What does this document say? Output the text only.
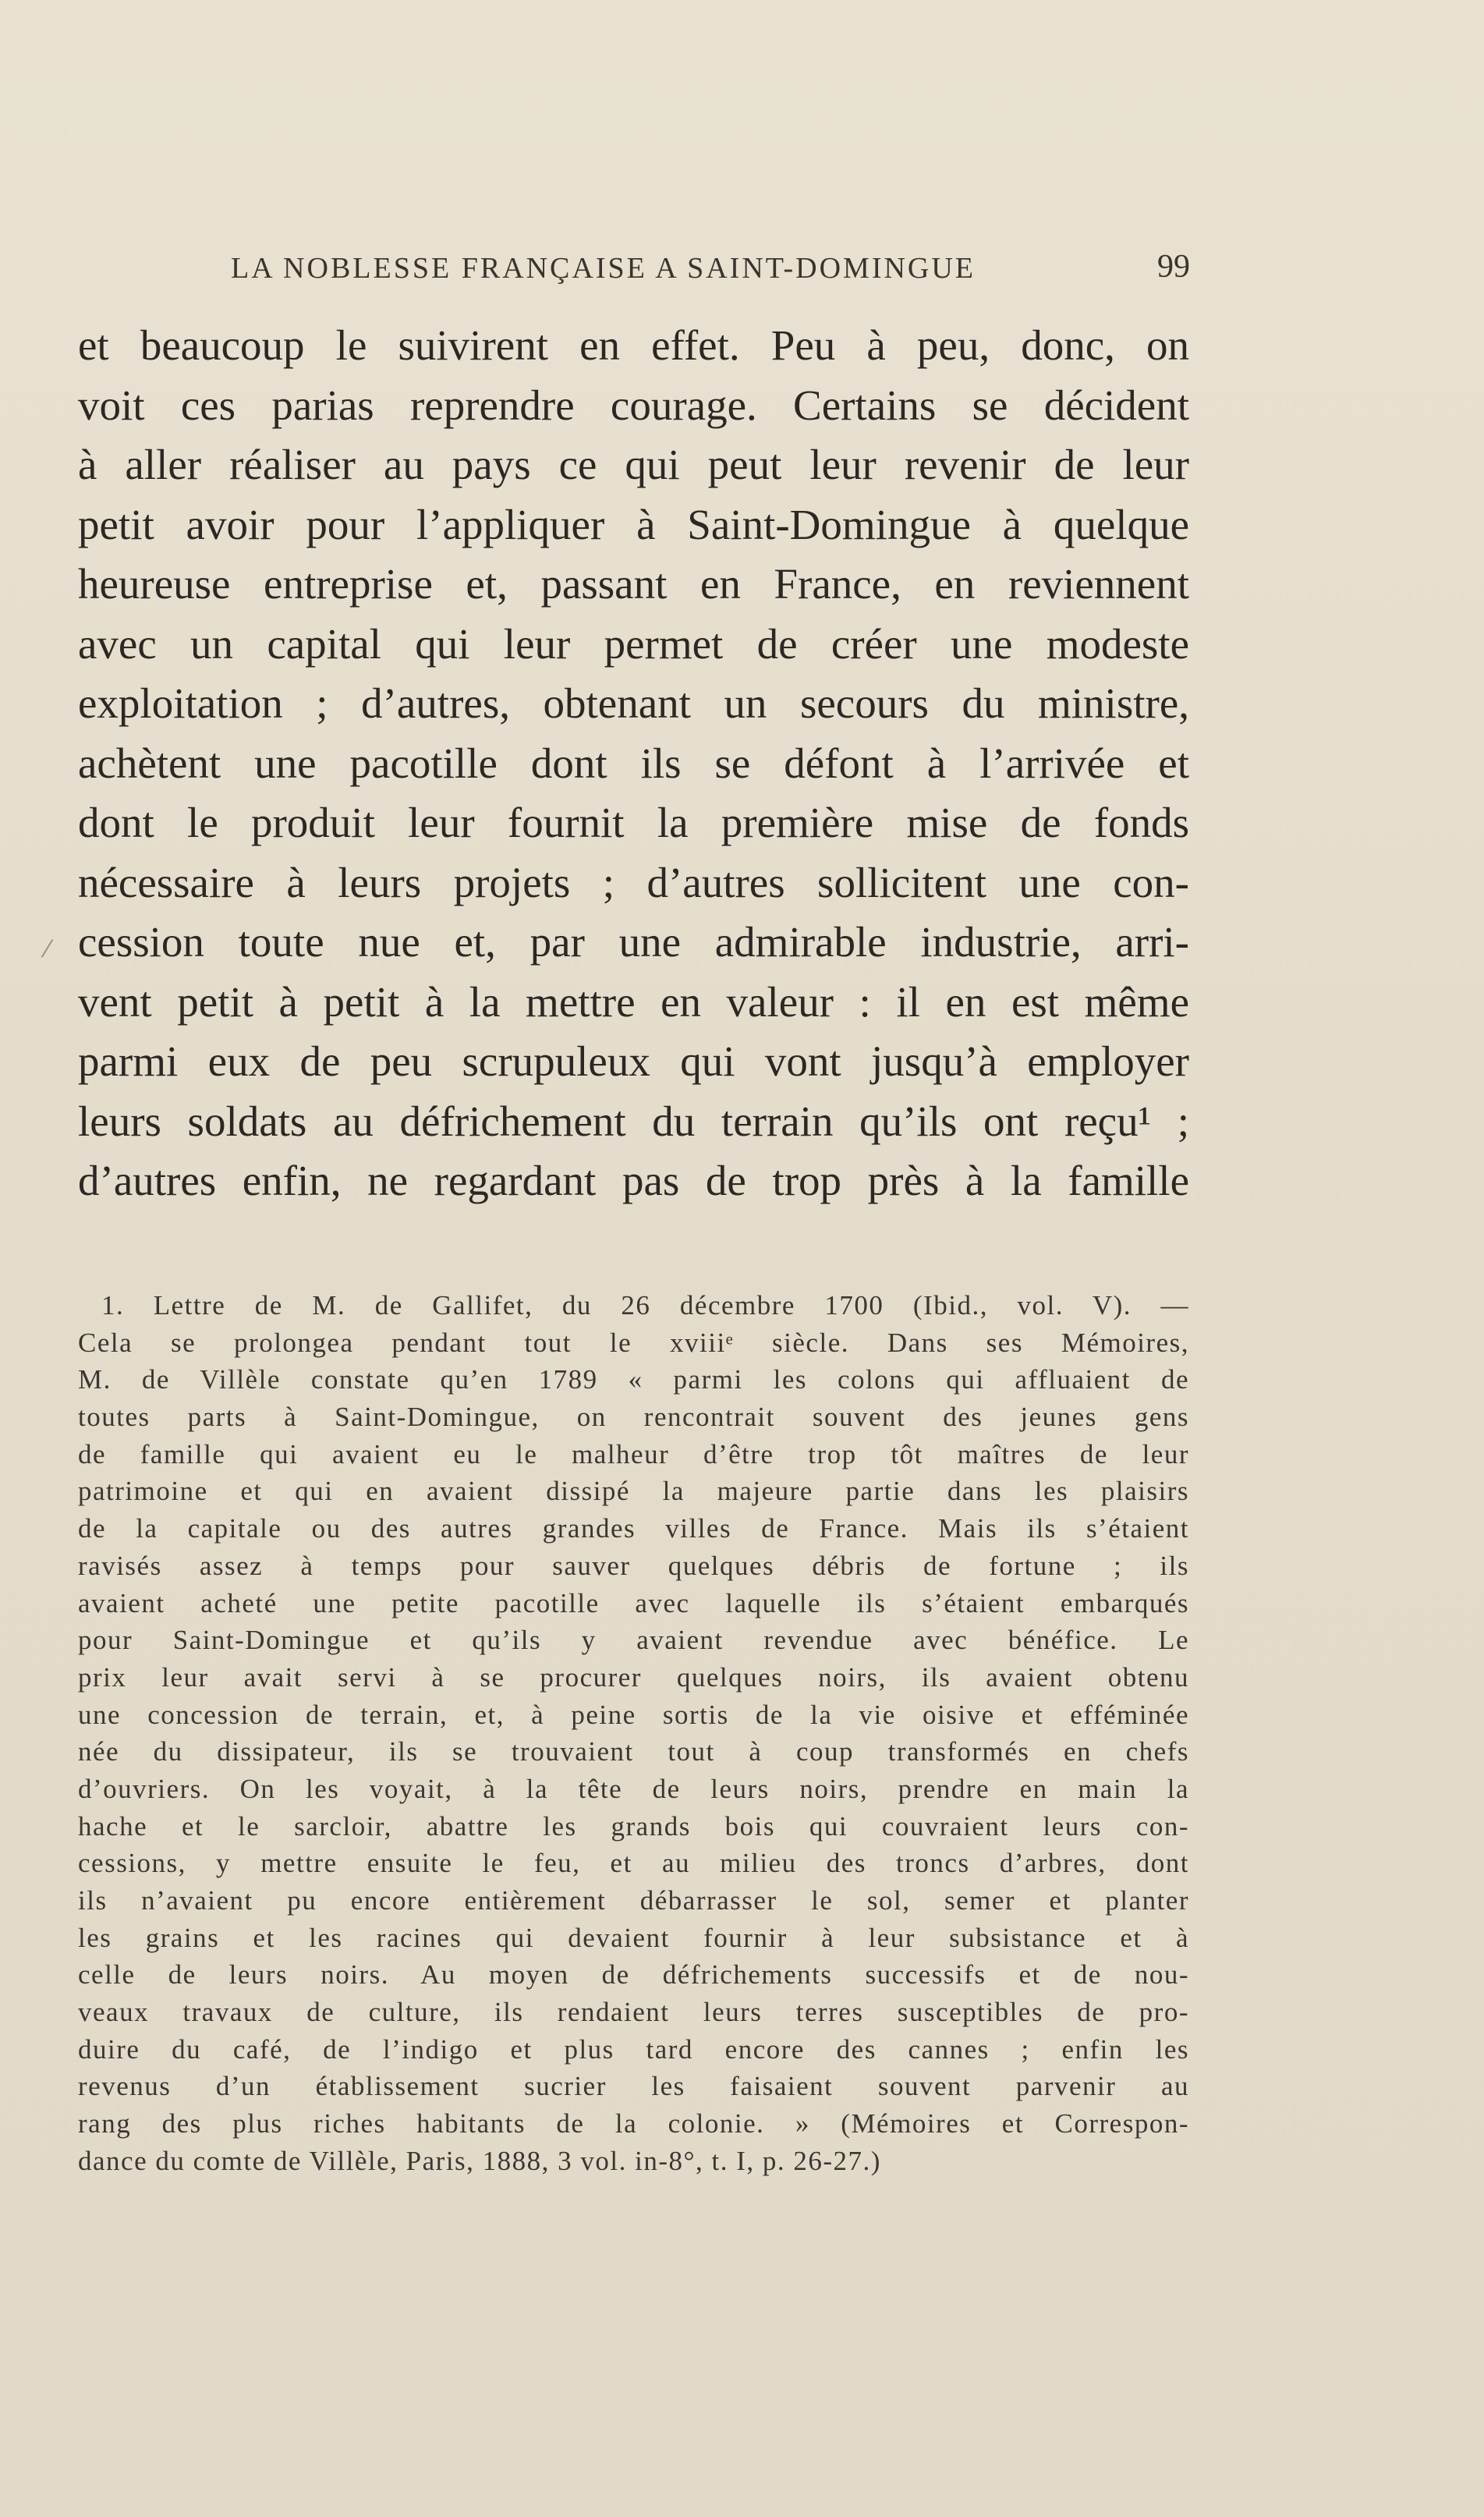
LA NOBLESSE FRANÇAISE A SAINT-DOMINGUE	99
⁄
et beaucoup le suivirent en effet. Peu à peu, donc, on
voit ces parias reprendre courage. Certains se décident
à aller réaliser au pays ce qui peut leur revenir de leur
petit avoir pour l’appliquer à Saint-Domingue à quelque
heureuse entreprise et, passant en France, en reviennent
avec un capital qui leur permet de créer une modeste
exploitation ; d’autres, obtenant un secours du ministre,
achètent une pacotille dont ils se défont à l’arrivée et
dont le produit leur fournit la première mise de fonds
nécessaire à leurs projets ; d’autres sollicitent une con-
cession toute nue et, par une admirable industrie, arri-
vent petit à petit à la mettre en valeur : il en est même
parmi eux de peu scrupuleux qui vont jusqu’à employer
leurs soldats au défrichement du terrain qu’ils ont reçu¹ ;
d’autres enfin, ne regardant pas de trop près à la famille
1. Lettre de M. de Gallifet, du 26 décembre 1700 (Ibid., vol. V). —
Cela se prolongea pendant tout le xviiiᵉ siècle. Dans ses Mémoires,
M. de Villèle constate qu’en 1789 « parmi les colons qui affluaient de
toutes parts à Saint-Domingue, on rencontrait souvent des jeunes gens
de famille qui avaient eu le malheur d’être trop tôt maîtres de leur
patrimoine et qui en avaient dissipé la majeure partie dans les plaisirs
de la capitale ou des autres grandes villes de France. Mais ils s’étaient
ravisés assez à temps pour sauver quelques débris de fortune ; ils
avaient acheté une petite pacotille avec laquelle ils s’étaient embarqués
pour Saint-Domingue et qu’ils y avaient revendue avec bénéfice. Le
prix leur avait servi à se procurer quelques noirs, ils avaient obtenu
une concession de terrain, et, à peine sortis de la vie oisive et efféminée
née du dissipateur, ils se trouvaient tout à coup transformés en chefs
d’ouvriers. On les voyait, à la tête de leurs noirs, prendre en main la
hache et le sarcloir, abattre les grands bois qui couvraient leurs con-
cessions, y mettre ensuite le feu, et au milieu des troncs d’arbres, dont
ils n’avaient pu encore entièrement débarrasser le sol, semer et planter
les grains et les racines qui devaient fournir à leur subsistance et à
celle de leurs noirs. Au moyen de défrichements successifs et de nou-
veaux travaux de culture, ils rendaient leurs terres susceptibles de pro-
duire du café, de l’indigo et plus tard encore des cannes ; enfin les
revenus d’un établissement sucrier les faisaient souvent parvenir au
rang des plus riches habitants de la colonie. » (Mémoires et Correspon-
dance du comte de Villèle, Paris, 1888, 3 vol. in-8°, t. I, p. 26-27.)
